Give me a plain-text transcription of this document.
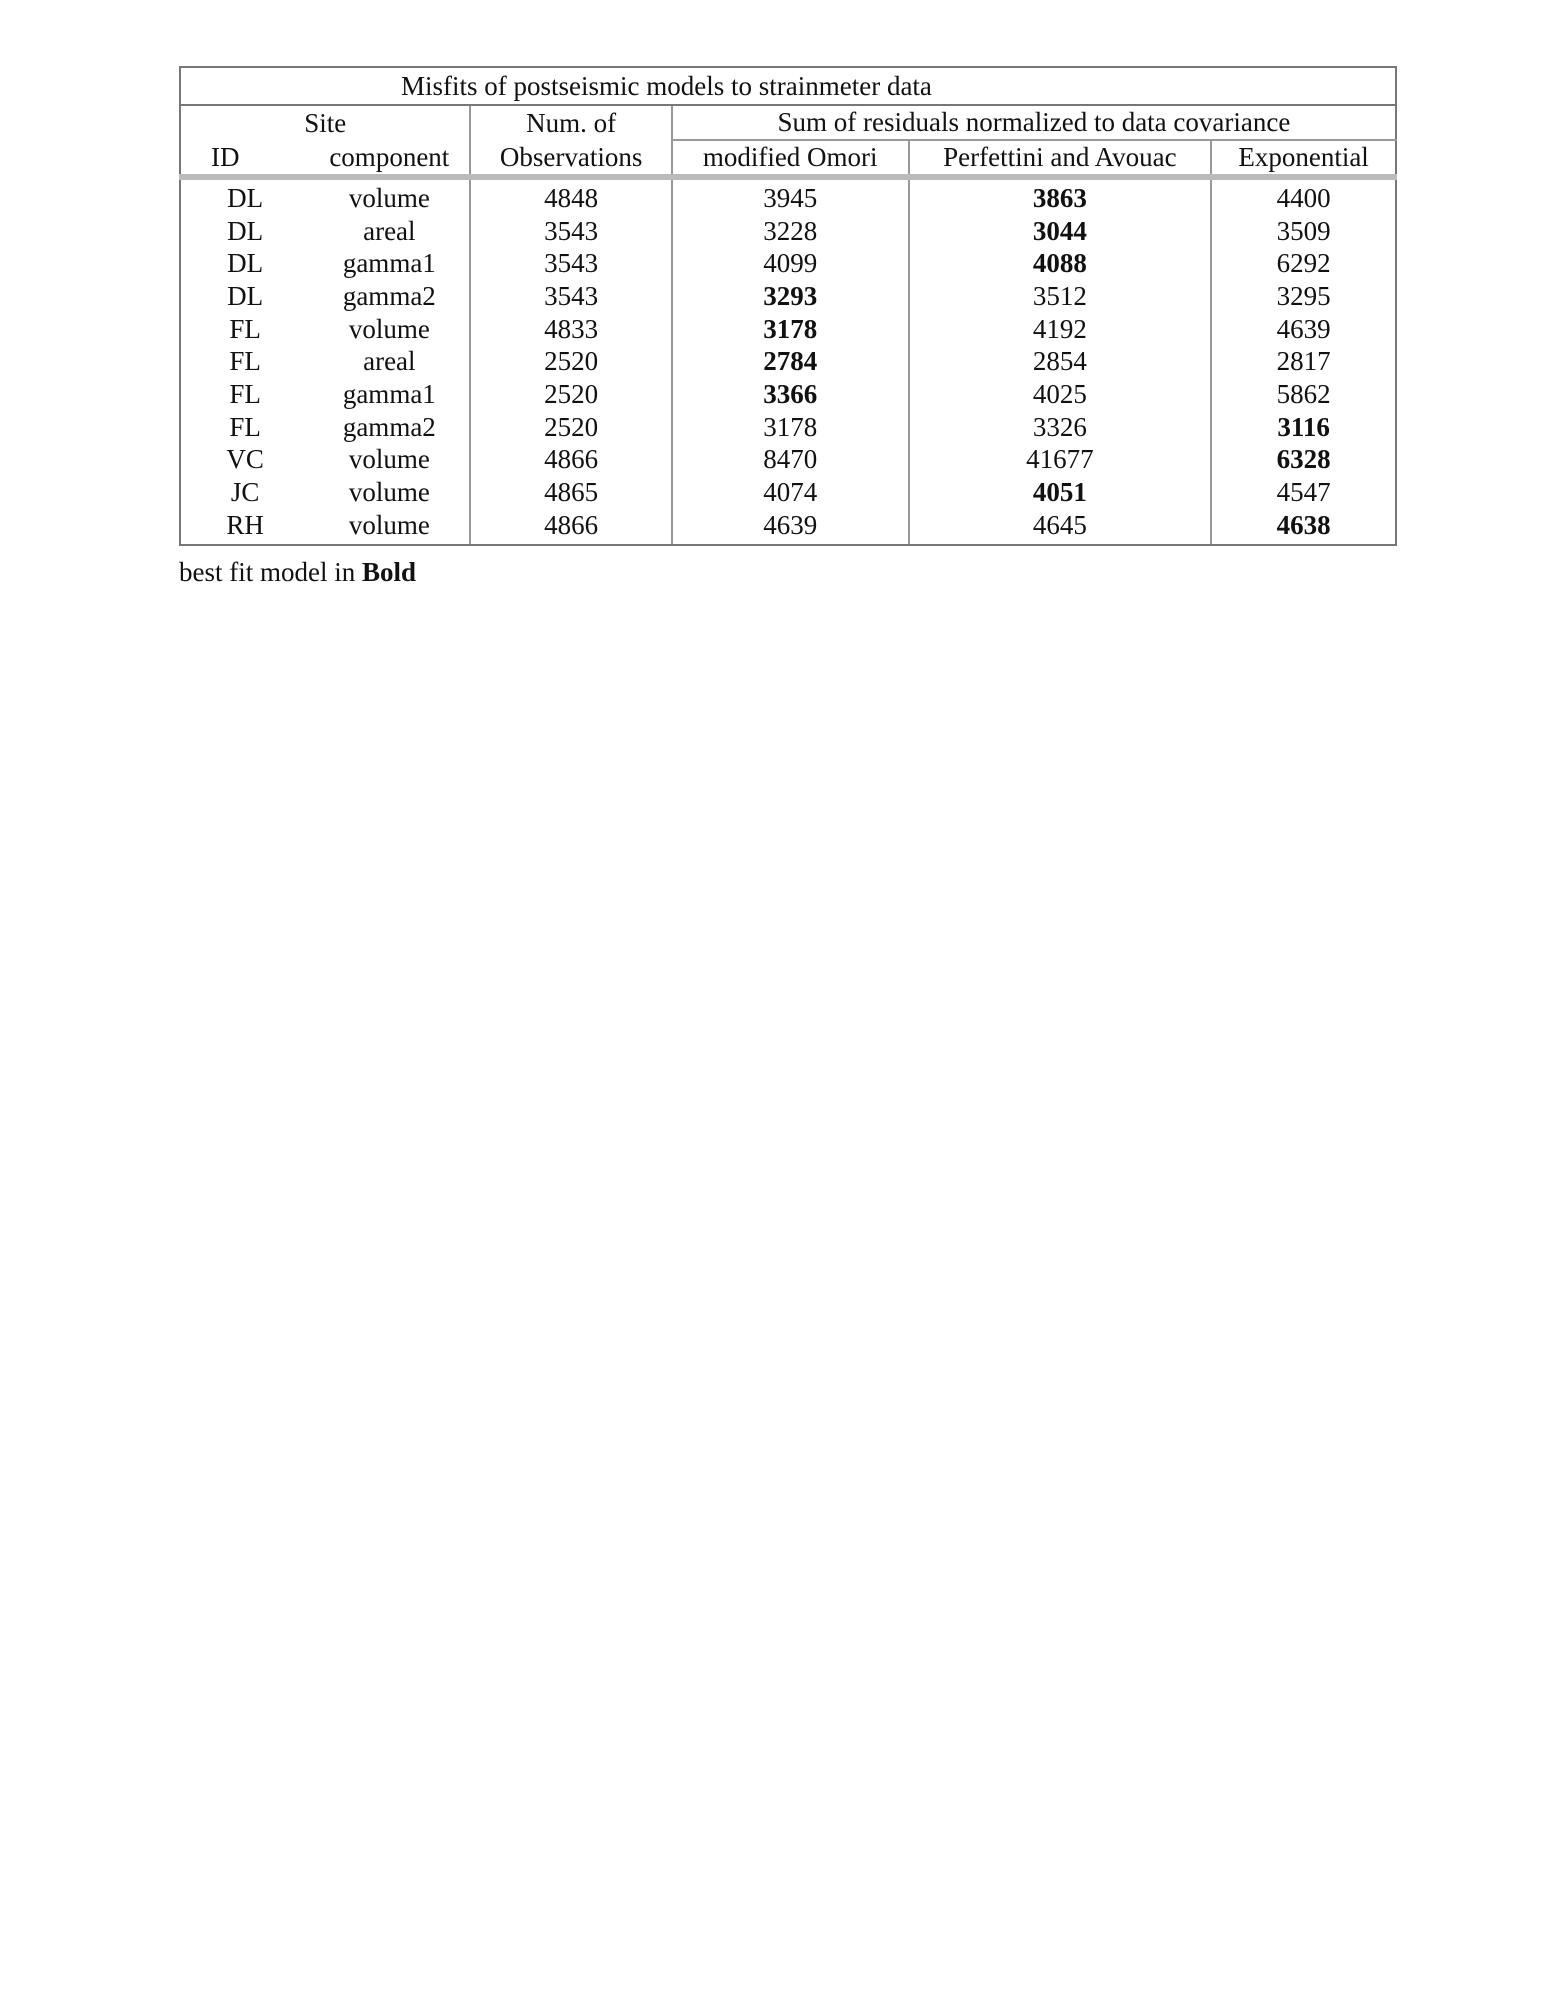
Misfits of postseismic models to strainmeter data					
Site		Num. of	Sum of residuals normalized to data covariance		
ID	component	Observations	modified Omori	Perfettini and Avouac	Exponential
DL	volume	4848	3945	3863	4400
DL	areal	3543	3228	3044	3509
DL	gamma1	3543	4099	4088	6292
DL	gamma2	3543	3293	3512	3295
FL	volume	4833	3178	4192	4639
FL	areal	2520	2784	2854	2817
FL	gamma1	2520	3366	4025	5862
FL	gamma2	2520	3178	3326	3116
VC	volume	4866	8470	41677	6328
JC	volume	4865	4074	4051	4547
RH	volume	4866	4639	4645	4638
best fit model in Bold
